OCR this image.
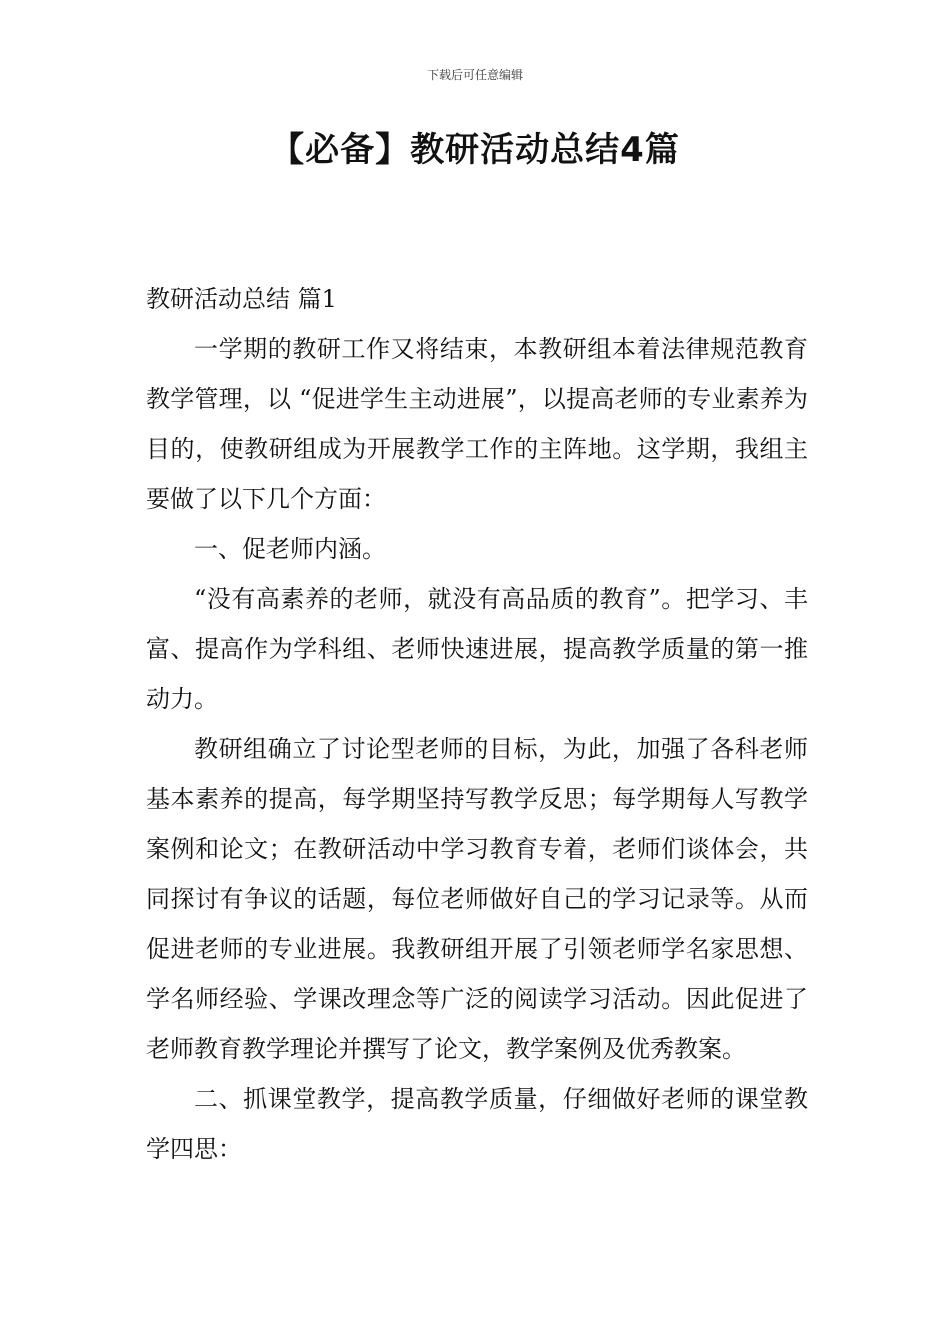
下载后可任意编辑
【必备】教研活动总结4篇

教研活动总结 篇1

一学期的教研工作又将结束，本教研组本着法律规范教育教学管理，以 “促进学生主动进展”，以提高老师的专业素养为目的，使教研组成为开展教学工作的主阵地。这学期，我组主要做了以下几个方面：

一、促老师内涵。

“没有高素养的老师，就没有高品质的教育”。把学习、丰富、提高作为学科组、老师快速进展，提高教学质量的第一推动力。

教研组确立了讨论型老师的目标，为此，加强了各科老师基本素养的提高，每学期坚持写教学反思；每学期每人写教学案例和论文；在教研活动中学习教育专着，老师们谈体会，共同探讨有争议的话题，每位老师做好自己的学习记录等。从而促进老师的专业进展。我教研组开展了引领老师学名家思想、学名师经验、学课改理念等广泛的阅读学习活动。因此促进了老师教育教学理论并撰写了论文，教学案例及优秀教案。

二、抓课堂教学，提高教学质量，仔细做好老师的课堂教学四思：
